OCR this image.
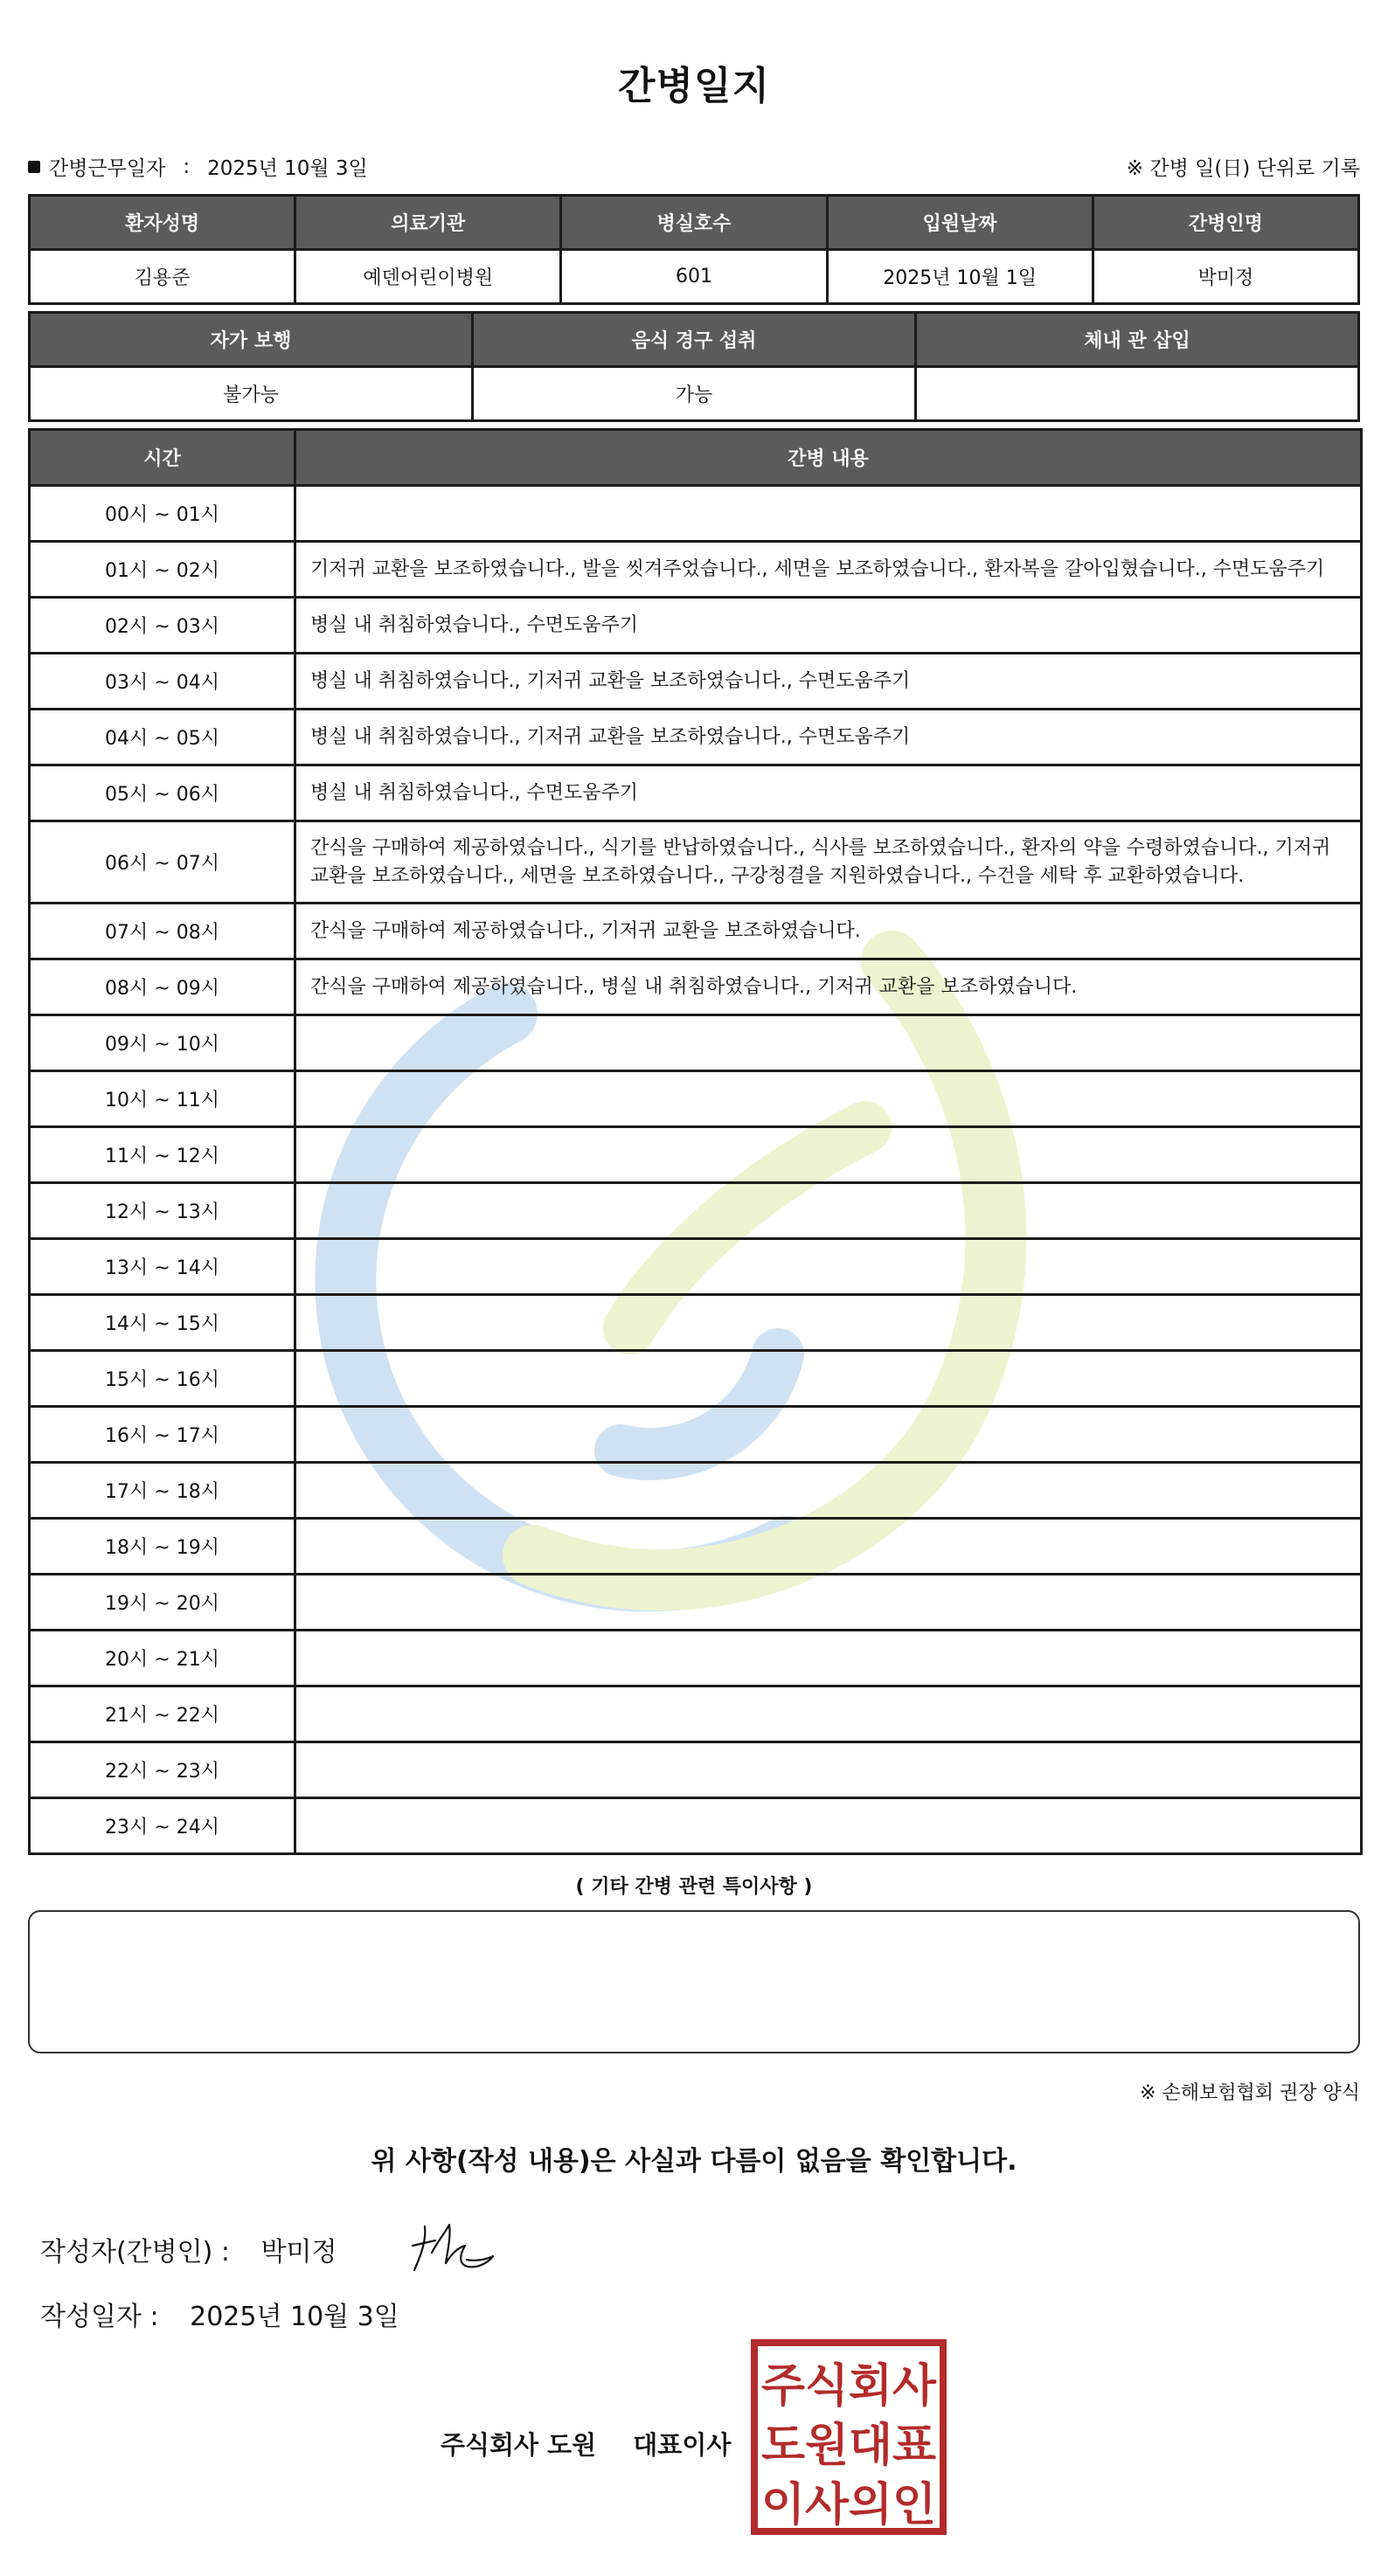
간병일지
간병근무일자 : 2025년 10월 3일	※ 간병 일(日) 단위로 기록
환자성명	의료기관	병실호수	입원날짜	간병인명
김용준	예덴어린이병원	601	2025년 10월 1일	박미정
자가 보행	음식 경구 섭취	체내 관 삽입
불가능	가능	
시간	간병 내용
00시 ~ 01시	
01시 ~ 02시	기저귀 교환을 보조하였습니다., 발을 씻겨주었습니다., 세면을 보조하였습니다., 환자복을 갈아입혔습니다., 수면도움주기
02시 ~ 03시	병실 내 취침하였습니다., 수면도움주기
03시 ~ 04시	병실 내 취침하였습니다., 기저귀 교환을 보조하였습니다., 수면도움주기
04시 ~ 05시	병실 내 취침하였습니다., 기저귀 교환을 보조하였습니다., 수면도움주기
05시 ~ 06시	병실 내 취침하였습니다., 수면도움주기
06시 ~ 07시	간식을 구매하여 제공하였습니다., 식기를 반납하였습니다., 식사를 보조하였습니다., 환자의 약을 수령하였습니다., 기저귀 교환을 보조하였습니다., 세면을 보조하였습니다., 구강청결을 지원하였습니다., 수건을 세탁 후 교환하였습니다.
07시 ~ 08시	간식을 구매하여 제공하였습니다., 기저귀 교환을 보조하였습니다.
08시 ~ 09시	간식을 구매하여 제공하였습니다., 병실 내 취침하였습니다., 기저귀 교환을 보조하였습니다.
09시 ~ 10시	
10시 ~ 11시	
11시 ~ 12시	
12시 ~ 13시	
13시 ~ 14시	
14시 ~ 15시	
15시 ~ 16시	
16시 ~ 17시	
17시 ~ 18시	
18시 ~ 19시	
19시 ~ 20시	
20시 ~ 21시	
21시 ~ 22시	
22시 ~ 23시	
23시 ~ 24시	
( 기타 간병 관련 특이사항 )
※ 손해보험협회 권장 양식
위 사항(작성 내용)은 사실과 다름이 없음을 확인합니다.
작성자(간병인) : 박미정
작성일자 : 2025년 10월 3일
주식회사 도원 대표이사
주식회사
도원대표
이사의인
